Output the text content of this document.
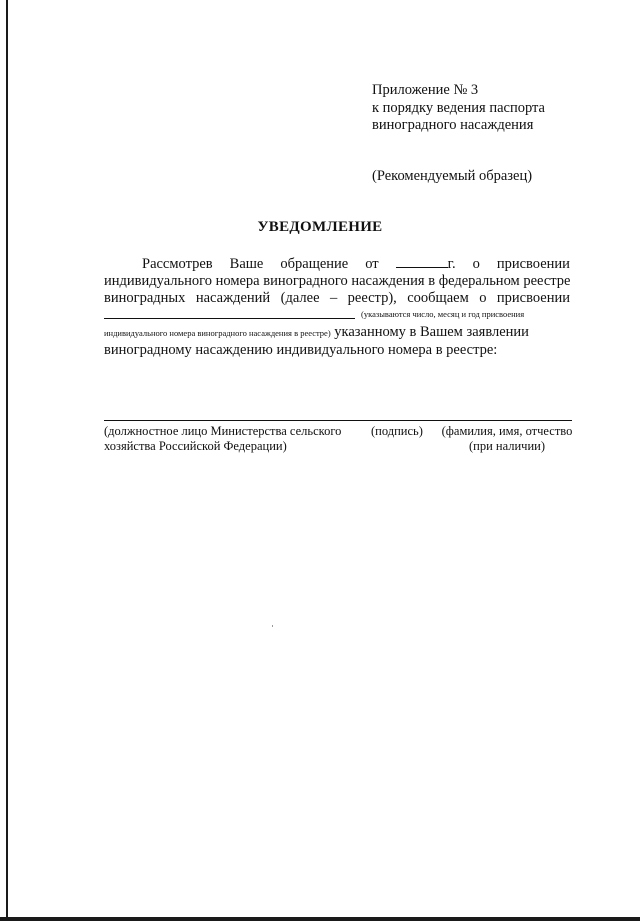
Приложение № 3
к порядку ведения паспорта
виноградного насаждения
(Рекомендуемый образец)
УВЕДОМЛЕНИЕ
Рассмотрев Ваше обращение от	г. о присвоении
индивидуального номера виноградного насаждения в федеральном реестре
виноградных насаждений (далее – реестр), сообщаем о присвоении
(указываются число, месяц и год присвоения
индивидуального номера виноградного насаждения в реестре) указанному в Вашем заявлении
виноградному насаждению индивидуального номера в реестре:
(должностное лицо Министерства сельского
хозяйства Российской Федерации)
(подпись) (фамилия, имя, отчество
(при наличии)
